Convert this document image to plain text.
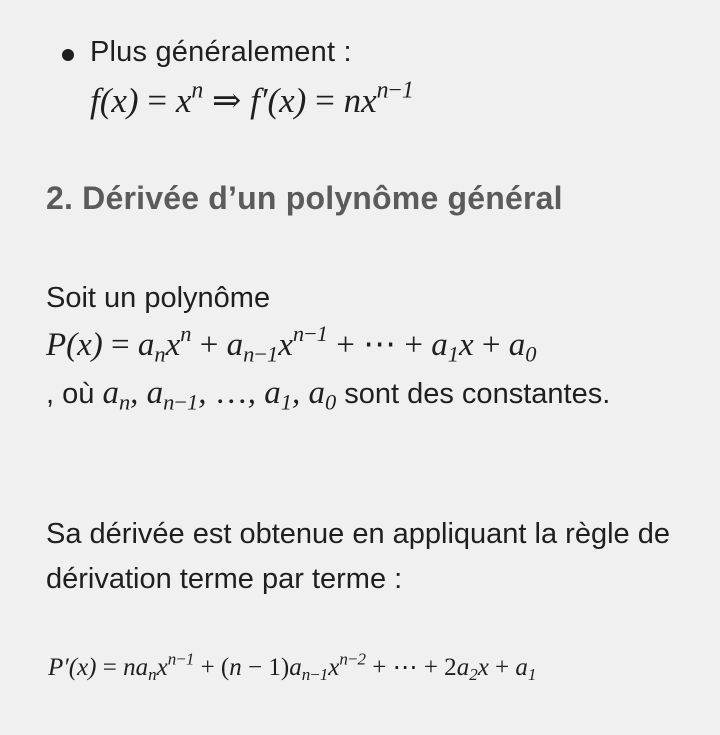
Plus généralement :
$f(x) = x^n$ ⇒ $f'(x) = nx^{n-1}$
2. Dérivée d’un polynôme général
Soit un polynôme
$P(x) = a_nx^n + a_{n-1}x^{n-1}$ + ⋯ + $a_1x + a_0$
, où $a_n$, $a_{n-1}$, …, $a_1$, $a_0$ sont des constantes.
Sa dérivée est obtenue en appliquant la règle de dérivation terme par terme :
$P'(x) = na_nx^{n-1} + (n - 1)a_{n-1}x^{n-2}$ + ⋯ + $2a_2x + a_1$
